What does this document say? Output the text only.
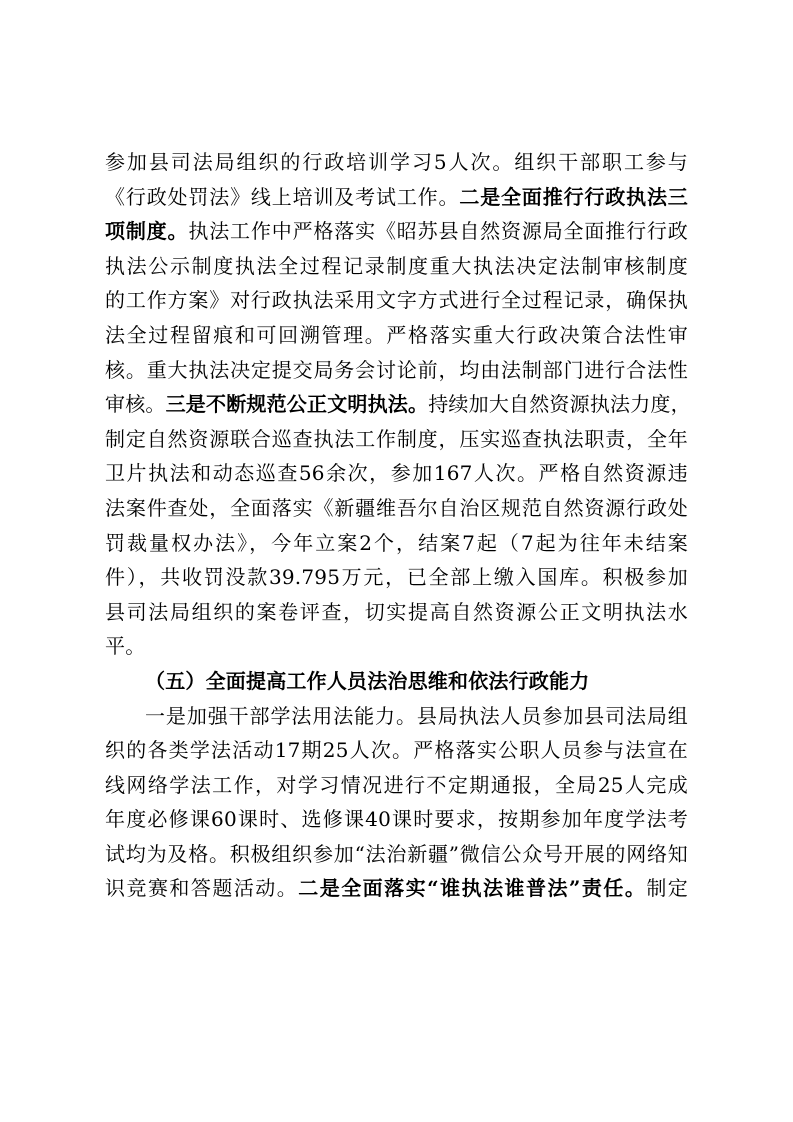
参加县司法局组织的行政培训学习5人次。组织干部职工参与
《行政处罚法》线上培训及考试工作。二是全面推行行政执法三
项制度。执法工作中严格落实《昭苏县自然资源局全面推行行政
执法公示制度执法全过程记录制度重大执法决定法制审核制度
的工作方案》对行政执法采用文字方式进行全过程记录，确保执
法全过程留痕和可回溯管理。严格落实重大行政决策合法性审
核。重大执法决定提交局务会讨论前，均由法制部门进行合法性
审核。三是不断规范公正文明执法。持续加大自然资源执法力度，
制定自然资源联合巡查执法工作制度，压实巡查执法职责，全年
卫片执法和动态巡查56余次，参加167人次。严格自然资源违
法案件查处，全面落实《新疆维吾尔自治区规范自然资源行政处
罚裁量权办法》，今年立案2个，结案7起（7起为往年未结案
件），共收罚没款39.795万元，已全部上缴入国库。积极参加
县司法局组织的案卷评查，切实提高自然资源公正文明执法水
平。
（五）全面提高工作人员法治思维和依法行政能力
一是加强干部学法用法能力。县局执法人员参加县司法局组
织的各类学法活动17期25人次。严格落实公职人员参与法宣在
线网络学法工作，对学习情况进行不定期通报，全局25人完成
年度必修课60课时、选修课40课时要求，按期参加年度学法考
试均为及格。积极组织参加“法治新疆”微信公众号开展的网络知
识竞赛和答题活动。二是全面落实“谁执法谁普法”责任。制定
